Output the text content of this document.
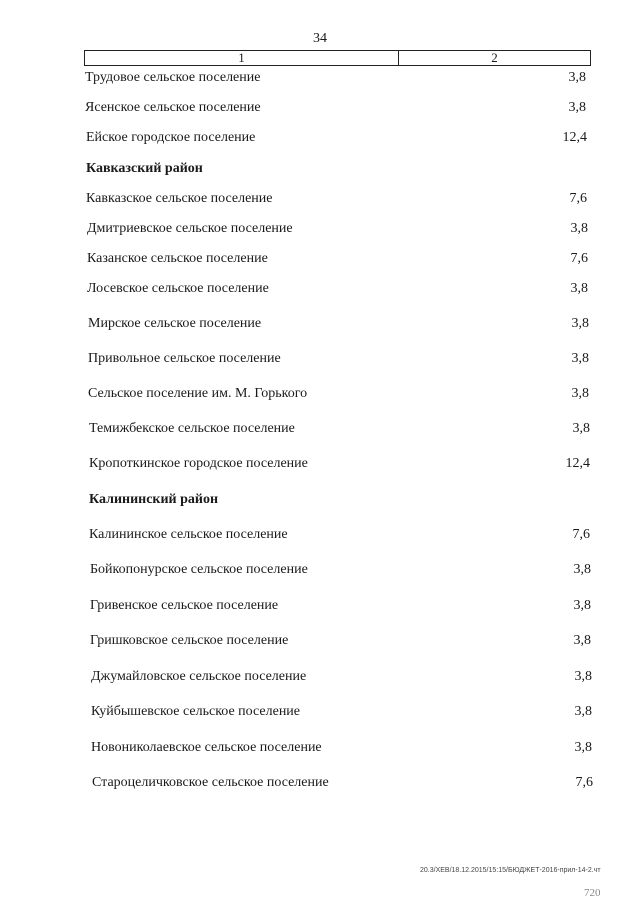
34
1	2
Трудовое сельское поселение	3,8
Ясенское сельское поселение	3,8
Ейское городское поселение	12,4
Кавказский район
Кавказское сельское поселение	7,6
Дмитриевское сельское поселение	3,8
Казанское сельское поселение	7,6
Лосевское сельское поселение	3,8
Мирское сельское поселение	3,8
Привольное сельское поселение	3,8
Сельское поселение им. М. Горького	3,8
Темижбекское сельское поселение	3,8
Кропоткинское городское поселение	12,4
Калининский район
Калининское сельское поселение	7,6
Бойкопонурское сельское поселение	3,8
Гривенское сельское поселение	3,8
Гришковское сельское поселение	3,8
Джумайловское сельское поселение	3,8
Куйбышевское сельское поселение	3,8
Новониколаевское сельское поселение	3,8
Староцеличковское сельское поселение	7,6
20.3/ХЕВ/18.12.2015/15:15/БЮДЖЕТ-2016-прил-14-2.чт
720
